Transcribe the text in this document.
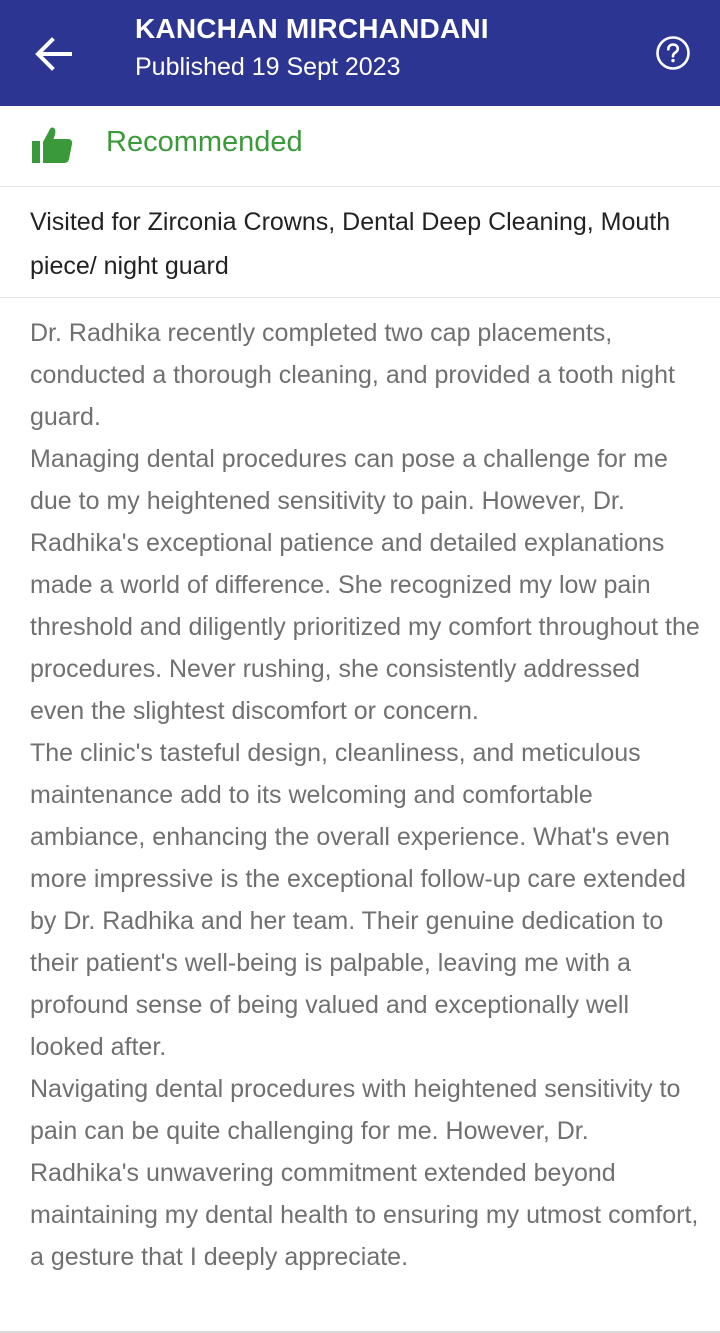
KANCHAN MIRCHANDANI
Published 19 Sept 2023
Recommended
Visited for Zirconia Crowns, Dental Deep Cleaning, Mouth piece/ night guard

Dr. Radhika recently completed two cap placements, conducted a thorough cleaning, and provided a tooth night guard.

Managing dental procedures can pose a challenge for me due to my heightened sensitivity to pain. However, Dr. Radhika's exceptional patience and detailed explanations made a world of difference. She recognized my low pain threshold and diligently prioritized my comfort throughout the procedures. Never rushing, she consistently addressed even the slightest discomfort or concern.

The clinic's tasteful design, cleanliness, and meticulous maintenance add to its welcoming and comfortable ambiance, enhancing the overall experience. What's even more impressive is the exceptional follow-up care extended by Dr. Radhika and her team. Their genuine dedication to their patient's well-being is palpable, leaving me with a profound sense of being valued and exceptionally well looked after.

Navigating dental procedures with heightened sensitivity to pain can be quite challenging for me. However, Dr. Radhika's unwavering commitment extended beyond maintaining my dental health to ensuring my utmost comfort, a gesture that I deeply appreciate.
